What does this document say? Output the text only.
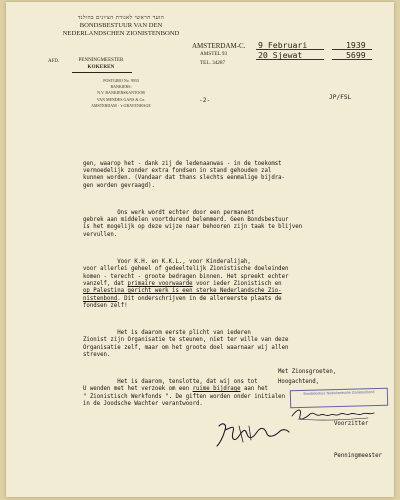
הועד הראשי לאגודת הציונים בהולנד
BONDSBESTUUR VAN DEN
NEDERLANDSCHEN ZIONISTENBOND
AFD.	PENNINGMEESTER
KOKEREN
POSTGIRO No. 9933
BANKIERS:
N.V. BANKIERSKANTOOR
VAN MENDES GANS & Co.
AMSTERDAM - 's-GRAVENHAGE
AMSTERDAM-C. 9 Februari	1939
AMSTEL 93	20 Sjewat	5699
TEL. 34287
-2-	JP/FSL

gen, waarop het - dank zij de ledenaanwas - in de toekomst
vermoedelijk zonder extra fondsen in stand gehouden zal
kunnen worden. (Vandaar dat thans slechts eenmalige bijdra-
gen worden gevraagd).

Ons werk wordt echter door een permanent
gebrek aan middelen voortdurend belemmerd. Geen Bondsbestuur
is het mogelijk op deze wijze naar behooren zijn taak te blijven
vervullen.

Voor K.H. en K.K.L., voor Kinderalijah,
voor allerlei geheel of gedeeltelijk Zionistische doeleinden
komen - terecht - groote bedragen binnen. Het spreekt echter
vanzelf, dat primaire voorwaarde voor ieder Zionistisch en
op Palestina gericht werk is een sterke Nederlandsche Zio-
nistenbond. Dit onderschrijven in de allereerste plaats de
fondsen zelf!

Het is daarom eerste plicht van iederen
Zionist zijn Organisatie te steunen, niet ter wille van deze
Organisatie zelf, maar om het groote doel waarnaar wij allen
streven.

Het is daarom, tenslotte, dat wij ons tot
U wenden met het verzoek om een ruime bijdrage aan het
" Zionistisch Werkfonds ". De giften worden onder initialen
in de Joodsche Wachter verantwoord.

Met Zionsgroeten,
Hoogachtend,
Voorzitter
Penningmeester
Bondsbestuur Nederlandsche Zionistenbond
